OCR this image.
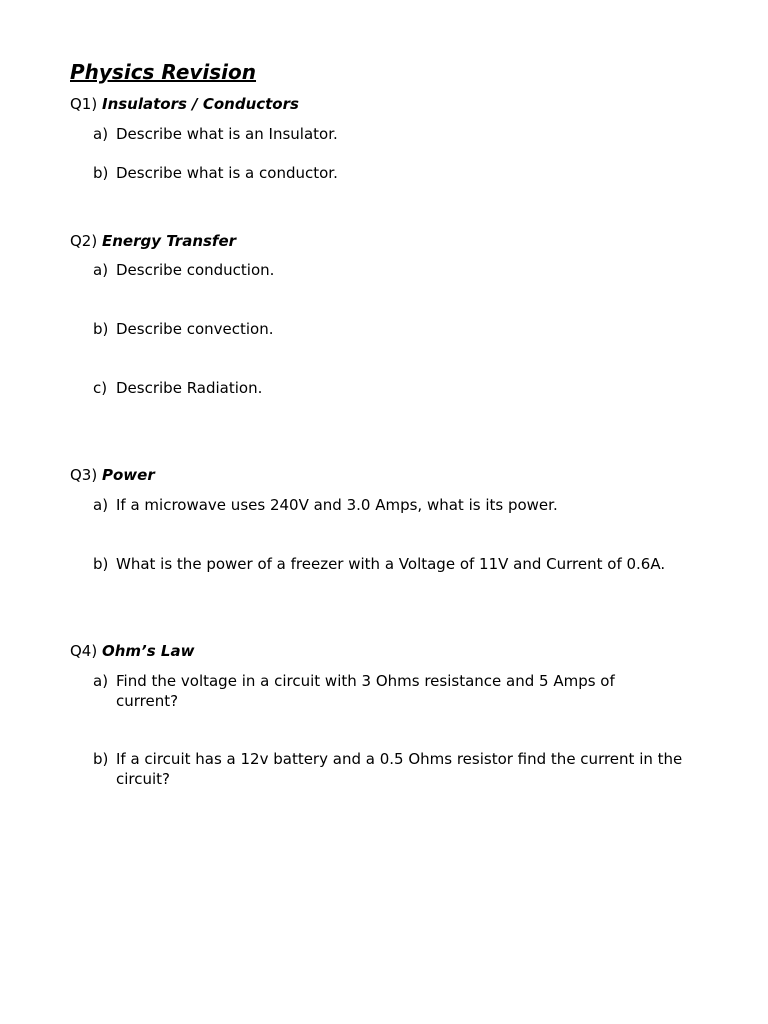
Physics Revision
Q1) Insulators / Conductors
a) Describe what is an Insulator.
b) Describe what is a conductor.
Q2) Energy Transfer
a) Describe conduction.
b) Describe convection.
c) Describe Radiation.
Q3) Power
a) If a microwave uses 240V and 3.0 Amps, what is its power.
b) What is the power of a freezer with a Voltage of 11V and Current of 0.6A.
Q4) Ohm’s Law
a) Find the voltage in a circuit with 3 Ohms resistance and 5 Amps of current?
b) If a circuit has a 12v battery and a 0.5 Ohms resistor find the current in the circuit?
